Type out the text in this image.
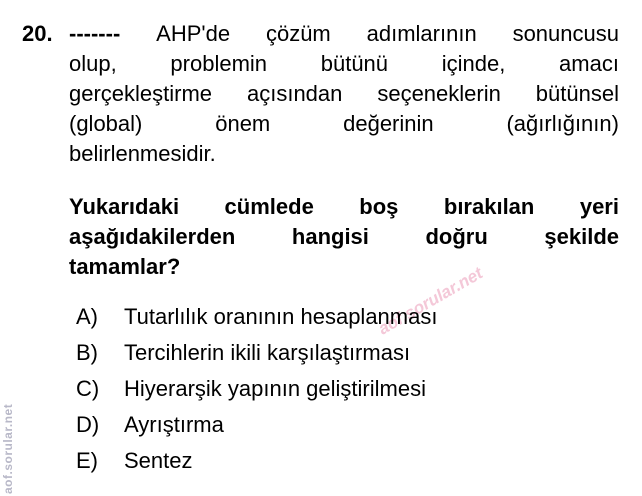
20. ------- AHP'de çözüm adımlarının sonuncusu
olup, problemin bütünü içinde, amacı
gerçekleştirme açısından seçeneklerin bütünsel
(global)	önem	değerinin	(ağırlığının)
belirlenmesidir.
Yukarıdaki cümlede boş bırakılan yeri
aşağıdakilerden	hangisi	doğru	şekilde
tamamlar?	aof.sorular.net
A)	Tutarlılık oranının hesaplanması
B)	Tercihlerin ikili karşılaştırması
C)	Hiyerarşik yapının geliştirilmesi
D)	Ayrıştırma
E)	Sentez
aof.sorular.net
